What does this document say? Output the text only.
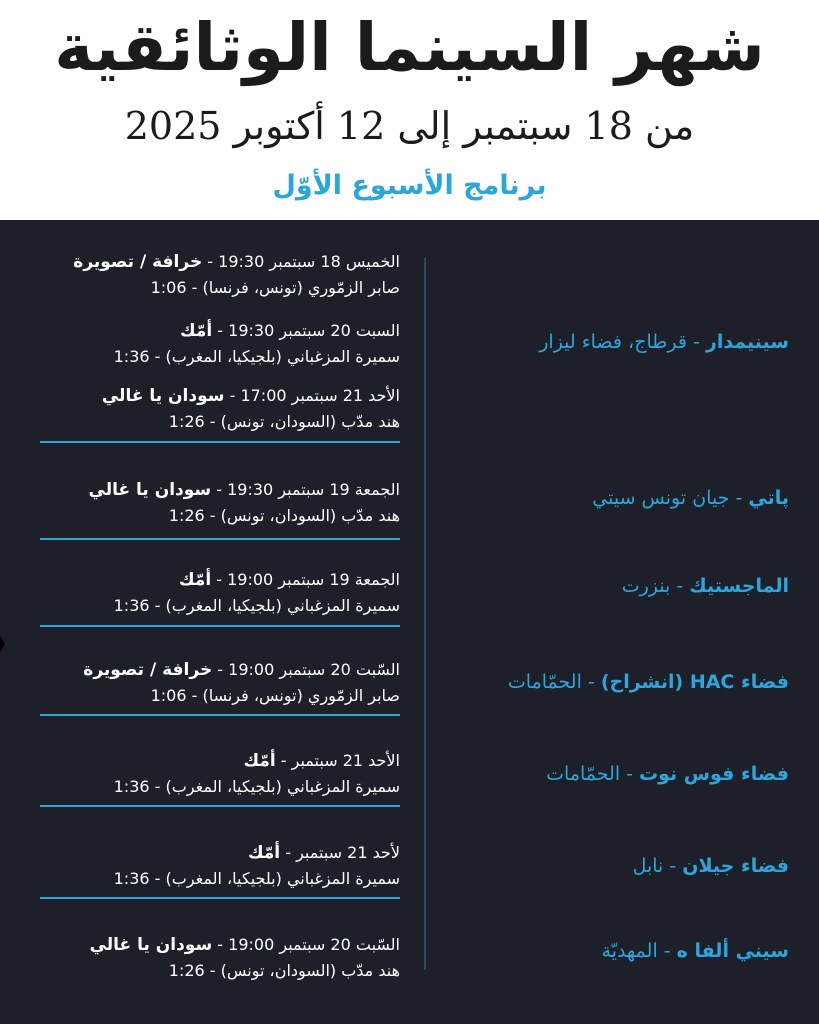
شهر السينما الوثائقية
من 18 سبتمبر إلى 12 أكتوبر 2025
برنامج الأسبوع الأوّل
سينيمدار - قرطاج، فضاء ليزار
پاتي - جيان تونس سيتي
الماجستيك - بنزرت
فضاء HAC (انشراح) - الحمّامات
فضاء فوس نوت - الحمّامات
فضاء جيلان - نابل
سيني ألفا ه - المهديّة
الخميس 18 سبتمبر 19:30 - خرافة / تصويرة
صابر الزمّوري (تونس، فرنسا) - 1:06
السبت 20 سبتمبر 19:30 - أمّك
سميرة المزغباني (بلجيكيا، المغرب) - 1:36
الأحد 21 سبتمبر 17:00 - سودان يا غالي
هند مدّب (السودان، تونس) - 1:26
الجمعة 19 سبتمبر 19:30 - سودان يا غالي
هند مدّب (السودان، تونس) - 1:26
الجمعة 19 سبتمبر 19:00 - أمّك
سميرة المزغباني (بلجيكيا، المغرب) - 1:36
السّبت 20 سبتمبر 19:00 - خرافة / تصويرة
صابر الزمّوري (تونس، فرنسا) - 1:06
الأحد 21 سبتمبر - أمّك
سميرة المزغباني (بلجيكيا، المغرب) - 1:36
لأحد 21 سبتمبر - أمّك
سميرة المزغباني (بلجيكيا، المغرب) - 1:36
السّبت 20 سبتمبر 19:00 - سودان يا غالي
هند مدّب (السودان، تونس) - 1:26
